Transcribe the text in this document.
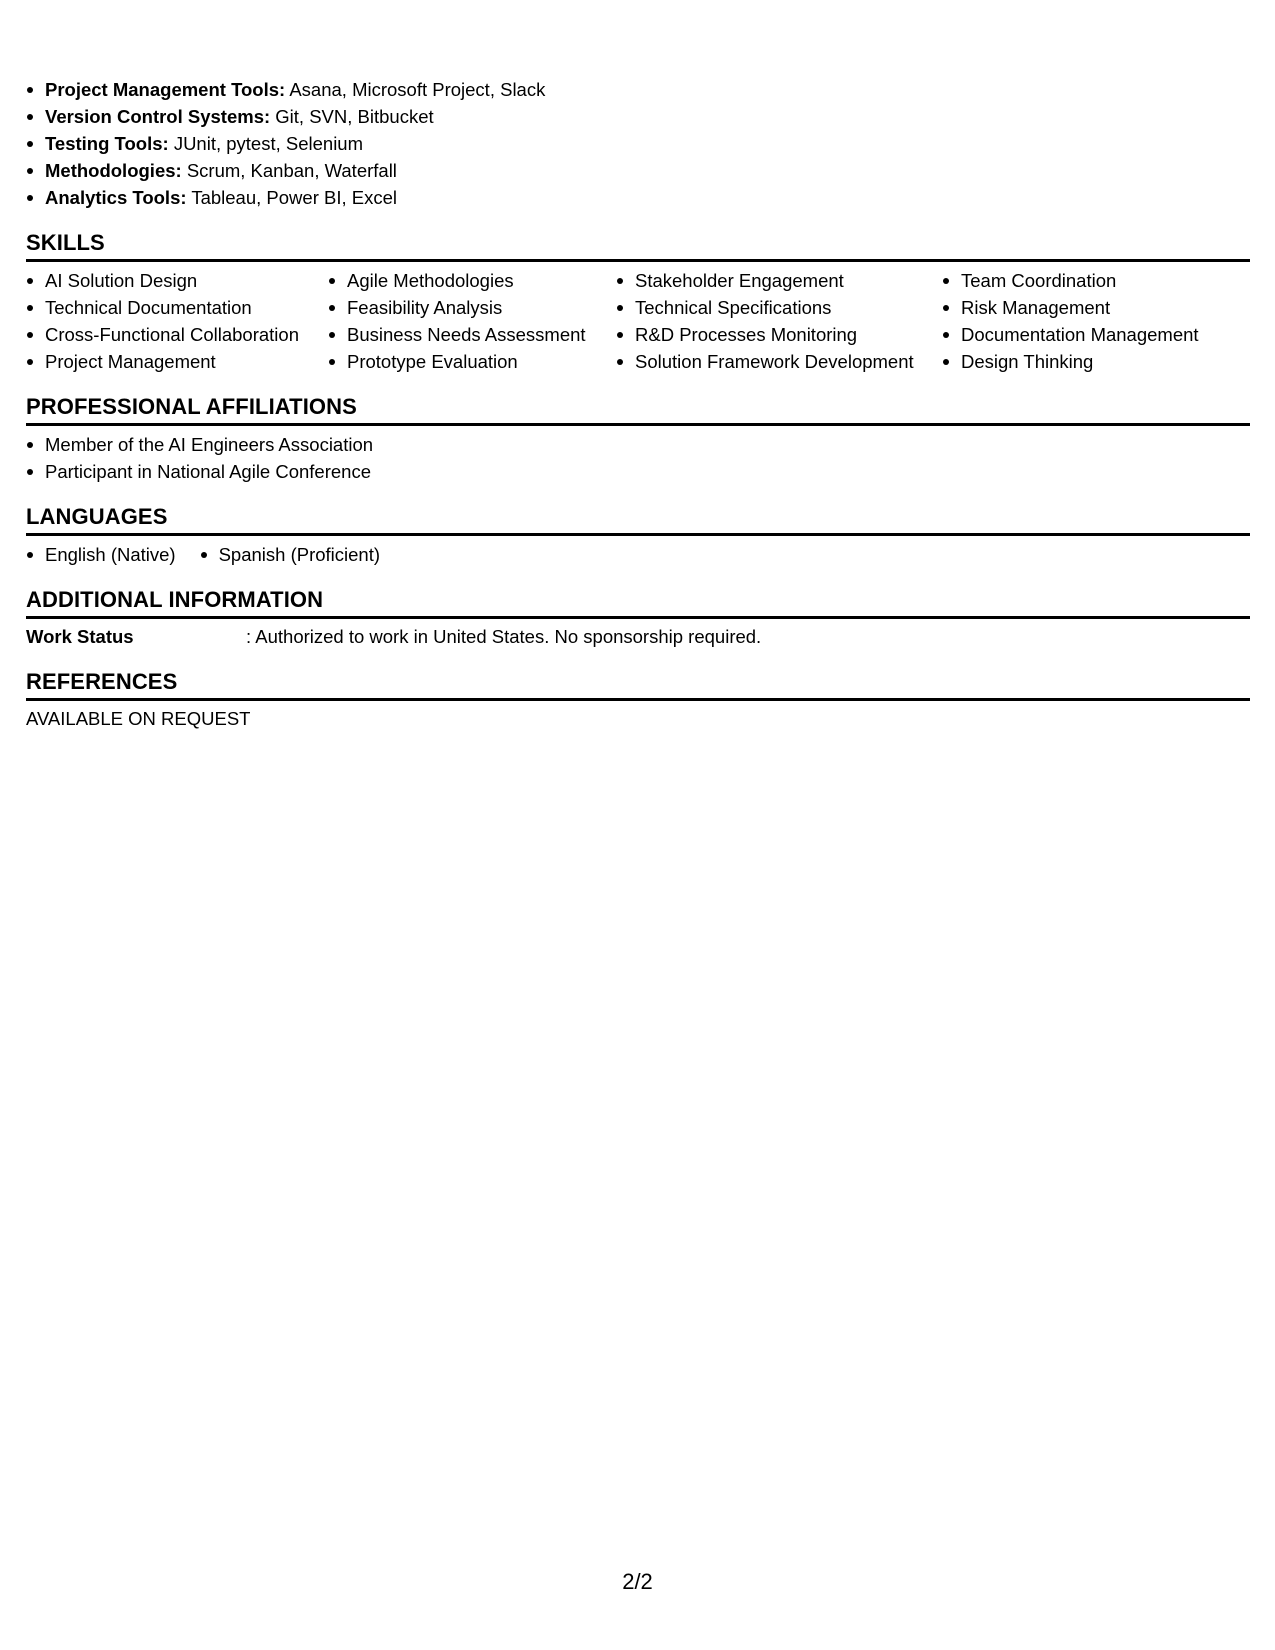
Project Management Tools: Asana, Microsoft Project, Slack
Version Control Systems: Git, SVN, Bitbucket
Testing Tools: JUnit, pytest, Selenium
Methodologies: Scrum, Kanban, Waterfall
Analytics Tools: Tableau, Power BI, Excel
SKILLS
AI Solution Design
Technical Documentation
Cross-Functional Collaboration
Project Management
Agile Methodologies
Feasibility Analysis
Business Needs Assessment
Prototype Evaluation
Stakeholder Engagement
Technical Specifications
R&D Processes Monitoring
Solution Framework Development
Team Coordination
Risk Management
Documentation Management
Design Thinking
PROFESSIONAL AFFILIATIONS
Member of the AI Engineers Association
Participant in National Agile Conference
LANGUAGES
English (Native)	Spanish (Proficient)
ADDITIONAL INFORMATION
Work Status	: Authorized to work in United States. No sponsorship required.
REFERENCES
AVAILABLE ON REQUEST
2/2
